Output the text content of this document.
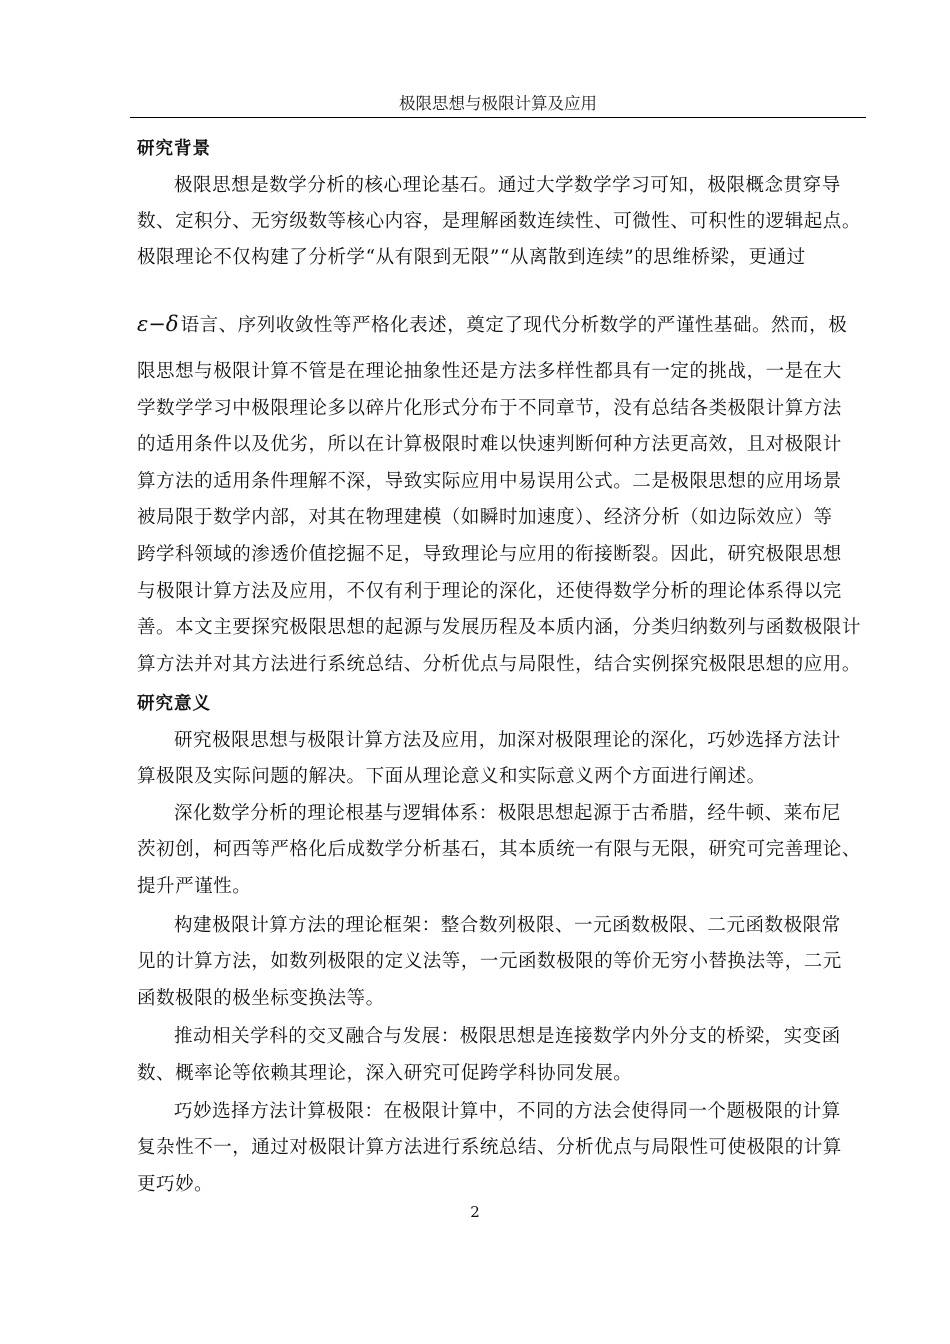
极限思想与极限计算及应用
研究背景
极限思想是数学分析的核心理论基石。通过大学数学学习可知，极限概念贯穿导
数、定积分、无穷级数等核心内容，是理解函数连续性、可微性、可积性的逻辑起点。
极限理论不仅构建了分析学“从有限到无限”“从离散到连续”的思维桥梁，更通过
ε−δ 语言、序列收敛性等严格化表述，奠定了现代分析数学的严谨性基础。然而，极
限思想与极限计算不管是在理论抽象性还是方法多样性都具有一定的挑战，一是在大
学数学学习中极限理论多以碎片化形式分布于不同章节，没有总结各类极限计算方法
的适用条件以及优劣，所以在计算极限时难以快速判断何种方法更高效，且对极限计
算方法的适用条件理解不深，导致实际应用中易误用公式。二是极限思想的应用场景
被局限于数学内部，对其在物理建模（如瞬时加速度）、经济分析（如边际效应）等
跨学科领域的渗透价值挖掘不足，导致理论与应用的衔接断裂。因此，研究极限思想
与极限计算方法及应用，不仅有利于理论的深化，还使得数学分析的理论体系得以完
善。本文主要探究极限思想的起源与发展历程及本质内涵，分类归纳数列与函数极限计
算方法并对其方法进行系统总结、分析优点与局限性，结合实例探究极限思想的应用。
研究意义
研究极限思想与极限计算方法及应用，加深对极限理论的深化，巧妙选择方法计
算极限及实际问题的解决。下面从理论意义和实际意义两个方面进行阐述。
深化数学分析的理论根基与逻辑体系：极限思想起源于古希腊，经牛顿、莱布尼
茨初创，柯西等严格化后成数学分析基石，其本质统一有限与无限，研究可完善理论、
提升严谨性。
构建极限计算方法的理论框架：整合数列极限、一元函数极限、二元函数极限常
见的计算方法，如数列极限的定义法等，一元函数极限的等价无穷小替换法等，二元
函数极限的极坐标变换法等。
推动相关学科的交叉融合与发展：极限思想是连接数学内外分支的桥梁，实变函
数、概率论等依赖其理论，深入研究可促跨学科协同发展。
巧妙选择方法计算极限：在极限计算中，不同的方法会使得同一个题极限的计算
复杂性不一，通过对极限计算方法进行系统总结、分析优点与局限性可使极限的计算
更巧妙。
2
